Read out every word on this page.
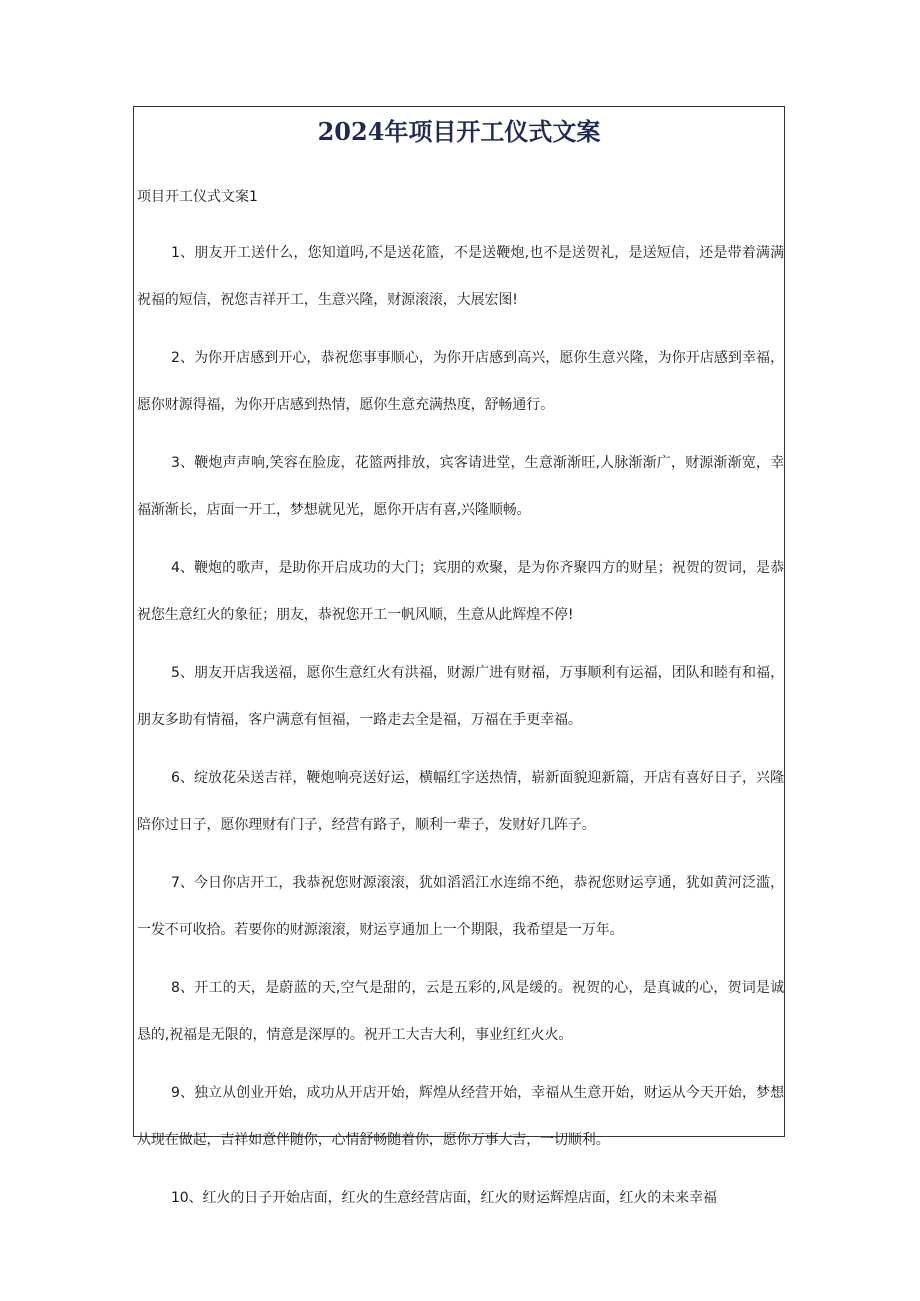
2024年项目开工仪式文案

项目开工仪式文案1

1、朋友开工送什么，您知道吗,不是送花篮，不是送鞭炮,也不是送贺礼，是送短信，还是带着满满祝福的短信，祝您吉祥开工，生意兴隆，财源滚滚，大展宏图!

2、为你开店感到开心，恭祝您事事顺心，为你开店感到高兴，愿你生意兴隆，为你开店感到幸福，愿你财源得福，为你开店感到热情，愿你生意充满热度，舒畅通行。

3、鞭炮声声响,笑容在脸庞，花篮两排放，宾客请进堂，生意渐渐旺,人脉渐渐广，财源渐渐宽，幸福渐渐长，店面一开工，梦想就见光，愿你开店有喜,兴隆顺畅。

4、鞭炮的歌声，是助你开启成功的大门；宾朋的欢聚，是为你齐聚四方的财星；祝贺的贺词，是恭祝您生意红火的象征；朋友，恭祝您开工一帆风顺，生意从此辉煌不停!

5、朋友开店我送福，愿你生意红火有洪福，财源广进有财福，万事顺利有运福，团队和睦有和福，朋友多助有情福，客户满意有恒福，一路走去全是福，万福在手更幸福。

6、绽放花朵送吉祥，鞭炮响亮送好运，横幅红字送热情，崭新面貌迎新篇，开店有喜好日子，兴隆陪你过日子，愿你理财有门子，经营有路子，顺利一辈子，发财好几阵子。

7、今日你店开工，我恭祝您财源滚滚，犹如滔滔江水连绵不绝，恭祝您财运亨通，犹如黄河泛滥，一发不可收拾。若要你的财源滚滚，财运亨通加上一个期限，我希望是一万年。

8、开工的天，是蔚蓝的天,空气是甜的，云是五彩的,风是缓的。祝贺的心，是真诚的心，贺词是诚恳的,祝福是无限的，情意是深厚的。祝开工大吉大利，事业红红火火。

9、独立从创业开始，成功从开店开始，辉煌从经营开始，幸福从生意开始，财运从今天开始，梦想从现在做起，吉祥如意伴随你，心情舒畅随着你，愿你万事大吉，一切顺利。

10、红火的日子开始店面，红火的生意经营店面，红火的财运辉煌店面，红火的未来幸福
